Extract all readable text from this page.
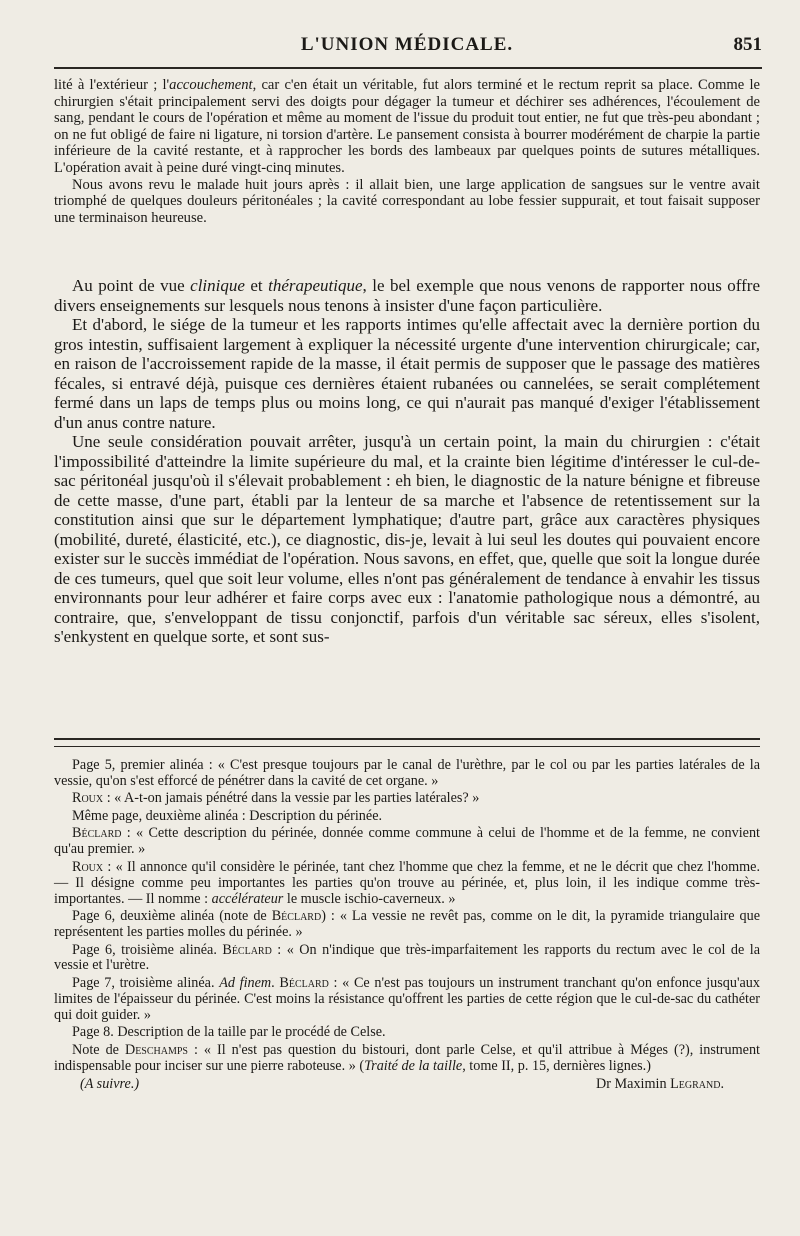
L'UNION MÉDICALE.	851

lité à l'extérieur ; l'accouchement, car c'en était un véritable, fut alors terminé et le rectum reprit sa place. Comme le chirurgien s'était principalement servi des doigts pour dégager la tumeur et déchirer ses adhérences, l'écoulement de sang, pendant le cours de l'opération et même au moment de l'issue du produit tout entier, ne fut que très-peu abondant ; on ne fut obligé de faire ni ligature, ni torsion d'artère. Le pansement consista à bourrer modérément de charpie la partie inférieure de la cavité restante, et à rapprocher les bords des lambeaux par quelques points de sutures métalliques. L'opération avait à peine duré vingt-cinq minutes.

Nous avons revu le malade huit jours après : il allait bien, une large application de sangsues sur le ventre avait triomphé de quelques douleurs péritonéales ; la cavité correspondant au lobe fessier suppurait, et tout faisait supposer une terminaison heureuse.

Au point de vue clinique et thérapeutique, le bel exemple que nous venons de rapporter nous offre divers enseignements sur lesquels nous tenons à insister d'une façon particulière.

Et d'abord, le siége de la tumeur et les rapports intimes qu'elle affectait avec la dernière portion du gros intestin, suffisaient largement à expliquer la nécessité urgente d'une intervention chirurgicale; car, en raison de l'accroissement rapide de la masse, il était permis de supposer que le passage des matières fécales, si entravé déjà, puisque ces dernières étaient rubanées ou cannelées, se serait complétement fermé dans un laps de temps plus ou moins long, ce qui n'aurait pas manqué d'exiger l'établissement d'un anus contre nature.

Une seule considération pouvait arrêter, jusqu'à un certain point, la main du chirurgien : c'était l'impossibilité d'atteindre la limite supérieure du mal, et la crainte bien légitime d'intéresser le cul-de-sac péritonéal jusqu'où il s'élevait probablement : eh bien, le diagnostic de la nature bénigne et fibreuse de cette masse, d'une part, établi par la lenteur de sa marche et l'absence de retentissement sur la constitution ainsi que sur le département lymphatique; d'autre part, grâce aux caractères physiques (mobilité, dureté, élasticité, etc.), ce diagnostic, dis-je, levait à lui seul les doutes qui pouvaient encore exister sur le succès immédiat de l'opération. Nous savons, en effet, que, quelle que soit la longue durée de ces tumeurs, quel que soit leur volume, elles n'ont pas généralement de tendance à envahir les tissus environnants pour leur adhérer et faire corps avec eux : l'anatomie pathologique nous a démontré, au contraire, que, s'enveloppant de tissu conjonctif, parfois d'un véritable sac séreux, elles s'isolent, s'enkystent en quelque sorte, et sont sus-

Page 5, premier alinéa : « C'est presque toujours par le canal de l'urèthre, par le col ou par les parties latérales de la vessie, qu'on s'est efforcé de pénétrer dans la cavité de cet organe. »

Roux : « A-t-on jamais pénétré dans la vessie par les parties latérales? »

Même page, deuxième alinéa : Description du périnée.

Béclard : « Cette description du périnée, donnée comme commune à celui de l'homme et de la femme, ne convient qu'au premier. »

Roux : « Il annonce qu'il considère le périnée, tant chez l'homme que chez la femme, et ne le décrit que chez l'homme. — Il désigne comme peu importantes les parties qu'on trouve au périnée, et, plus loin, il les indique comme très-importantes. — Il nomme : accélérateur le muscle ischio-caverneux. »

Page 6, deuxième alinéa (note de Béclard) : « La vessie ne revêt pas, comme on le dit, la pyramide triangulaire que représentent les parties molles du périnée. »

Page 6, troisième alinéa. Béclard : « On n'indique que très-imparfaitement les rapports du rectum avec le col de la vessie et l'urètre.

Page 7, troisième alinéa. Ad finem. Béclard : « Ce n'est pas toujours un instrument tranchant qu'on enfonce jusqu'aux limites de l'épaisseur du périnée. C'est moins la résistance qu'offrent les parties de cette région que le cul-de-sac du cathéter qui doit guider. »

Page 8. Description de la taille par le procédé de Celse.

Note de Deschamps : « Il n'est pas question du bistouri, dont parle Celse, et qu'il attribue à Méges (?), instrument indispensable pour inciser sur une pierre raboteuse. » (Traité de la taille, tome II, p. 15, dernières lignes.)

(A suivre.)	Dr Maximin Legrand.
